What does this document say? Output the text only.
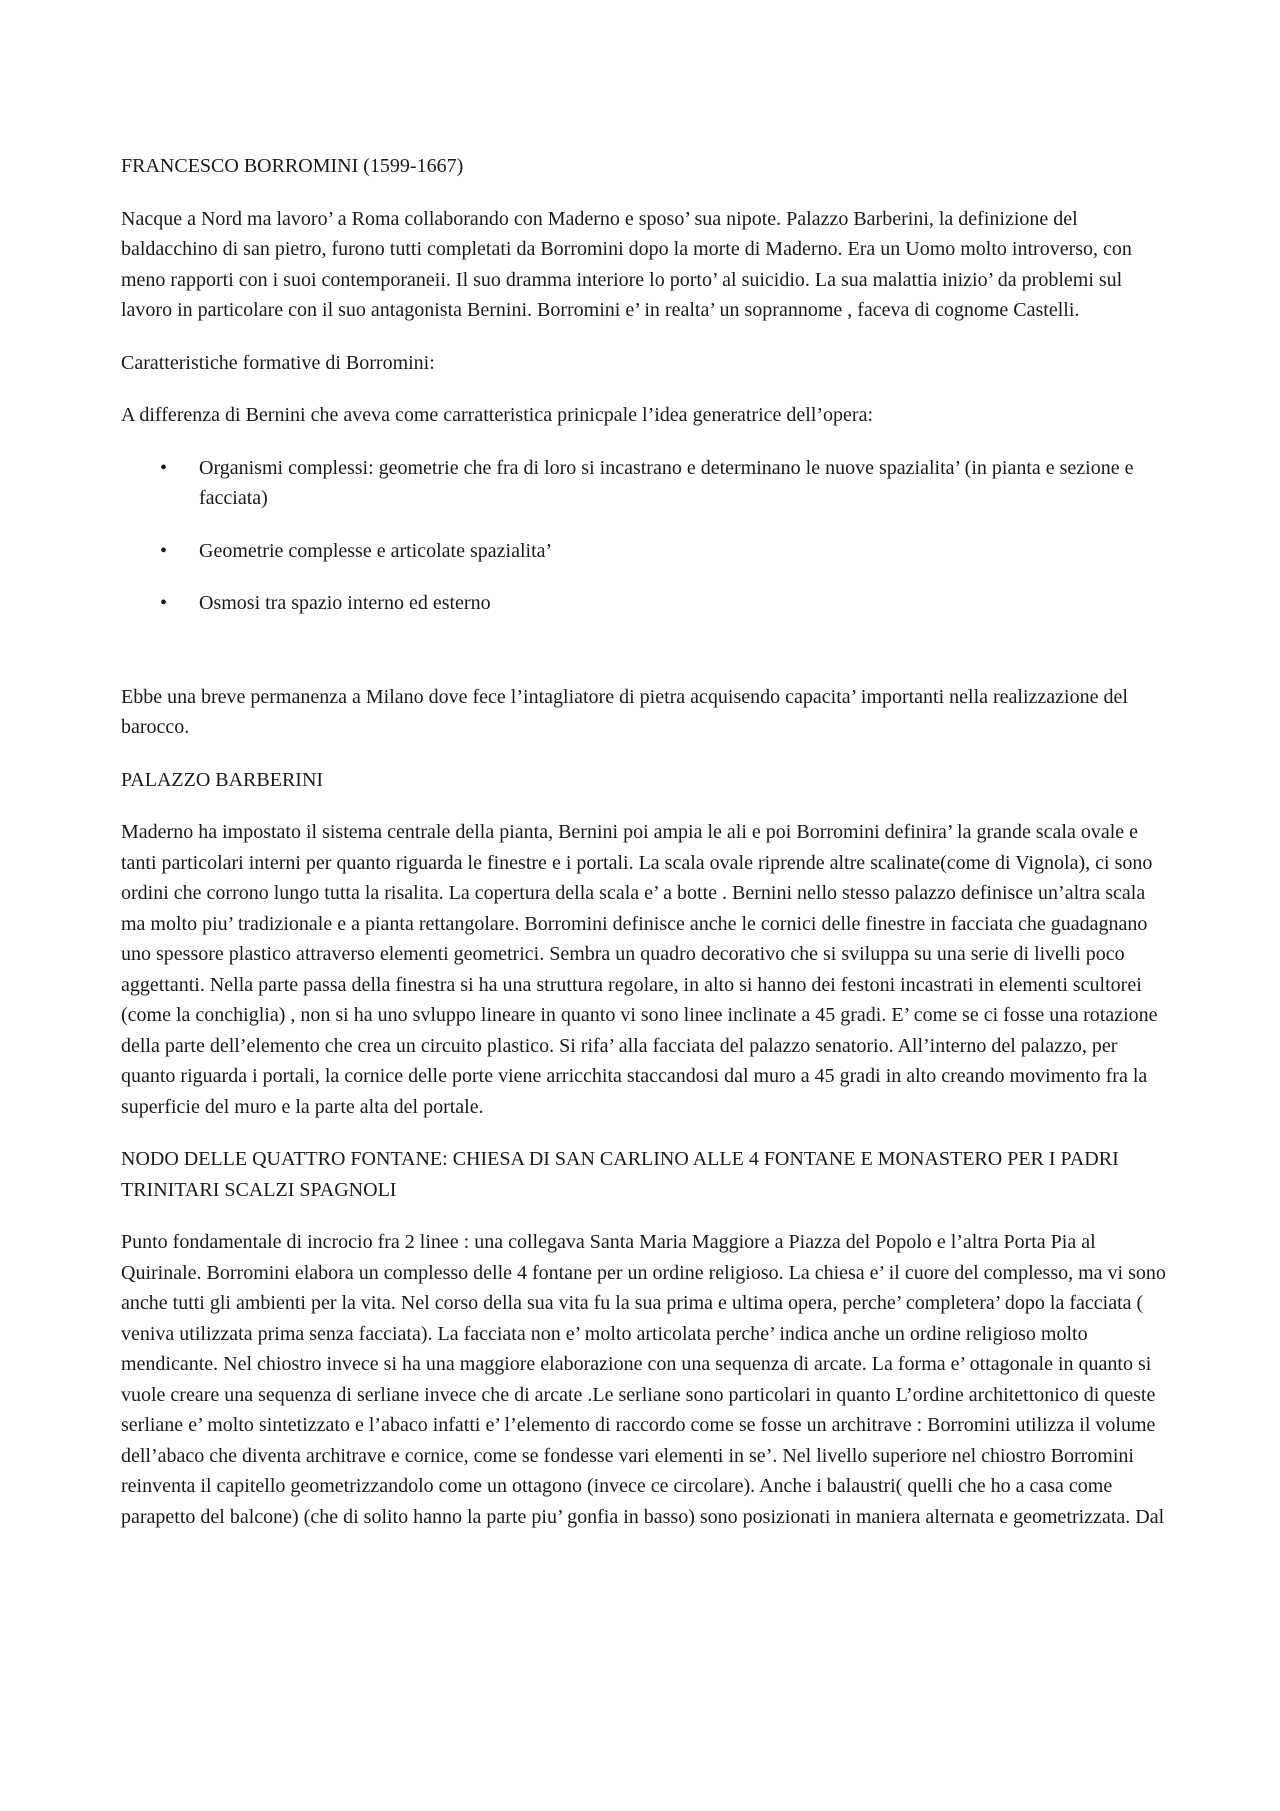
FRANCESCO BORROMINI (1599-1667)

Nacque a Nord ma lavoro’ a Roma collaborando con Maderno e sposo’ sua nipote. Palazzo Barberini, la definizione del baldacchino di san pietro, furono tutti completati da Borromini dopo la morte di Maderno. Era un Uomo molto introverso, con meno rapporti con i suoi contemporaneii. Il suo dramma interiore lo porto’ al suicidio. La sua malattia inizio’ da problemi sul lavoro in particolare con il suo antagonista Bernini. Borromini e’ in realta’ un soprannome , faceva di cognome Castelli.

Caratteristiche formative di Borromini:

A differenza di Bernini che aveva come carratteristica prinicpale l’idea generatrice dell’opera:

• Organismi complessi: geometrie che fra di loro si incastrano e determinano le nuove spazialita’ (in pianta e sezione e facciata)
• Geometrie complesse e articolate spazialita’
• Osmosi tra spazio interno ed esterno

Ebbe una breve permanenza a Milano dove fece l’intagliatore di pietra acquisendo capacita’ importanti nella realizzazione del barocco.

PALAZZO BARBERINI

Maderno ha impostato il sistema centrale della pianta, Bernini poi ampia le ali e poi Borromini definira’ la grande scala ovale e tanti particolari interni per quanto riguarda le finestre e i portali. La scala ovale riprende altre scalinate(come di Vignola), ci sono ordini che corrono lungo tutta la risalita. La copertura della scala e’ a botte . Bernini nello stesso palazzo definisce un’altra scala ma molto piu’ tradizionale e a pianta rettangolare. Borromini definisce anche le cornici delle finestre in facciata che guadagnano uno spessore plastico attraverso elementi geometrici. Sembra un quadro decorativo che si sviluppa su una serie di livelli poco aggettanti. Nella parte passa della finestra si ha una struttura regolare, in alto si hanno dei festoni incastrati in elementi scultorei (come la conchiglia) , non si ha uno svluppo lineare in quanto vi sono linee inclinate a 45 gradi. E’ come se ci fosse una rotazione della parte dell’elemento che crea un circuito plastico. Si rifa’ alla facciata del palazzo senatorio. All’interno del palazzo, per quanto riguarda i portali, la cornice delle porte viene arricchita staccandosi dal muro a 45 gradi in alto creando movimento fra la superficie del muro e la parte alta del portale.

NODO DELLE QUATTRO FONTANE: CHIESA DI SAN CARLINO ALLE 4 FONTANE E MONASTERO PER I PADRI TRINITARI SCALZI SPAGNOLI

Punto fondamentale di incrocio fra 2 linee : una collegava Santa Maria Maggiore a Piazza del Popolo e l’altra Porta Pia al Quirinale. Borromini elabora un complesso delle 4 fontane per un ordine religioso. La chiesa e’ il cuore del complesso, ma vi sono anche tutti gli ambienti per la vita. Nel corso della sua vita fu la sua prima e ultima opera, perche’ completera’ dopo la facciata ( veniva utilizzata prima senza facciata). La facciata non e’ molto articolata perche’ indica anche un ordine religioso molto mendicante. Nel chiostro invece si ha una maggiore elaborazione con una sequenza di arcate. La forma e’ ottagonale in quanto si vuole creare una sequenza di serliane invece che di arcate .Le serliane sono particolari in quanto L’ordine architettonico di queste serliane e’ molto sintetizzato e l’abaco infatti e’ l’elemento di raccordo come se fosse un architrave : Borromini utilizza il volume dell’abaco che diventa architrave e cornice, come se fondesse vari elementi in se’. Nel livello superiore nel chiostro Borromini reinventa il capitello geometrizzandolo come un ottagono (invece ce circolare). Anche i balaustri( quelli che ho a casa come parapetto del balcone) (che di solito hanno la parte piu’ gonfia in basso) sono posizionati in maniera alternata e geometrizzata. Dal
